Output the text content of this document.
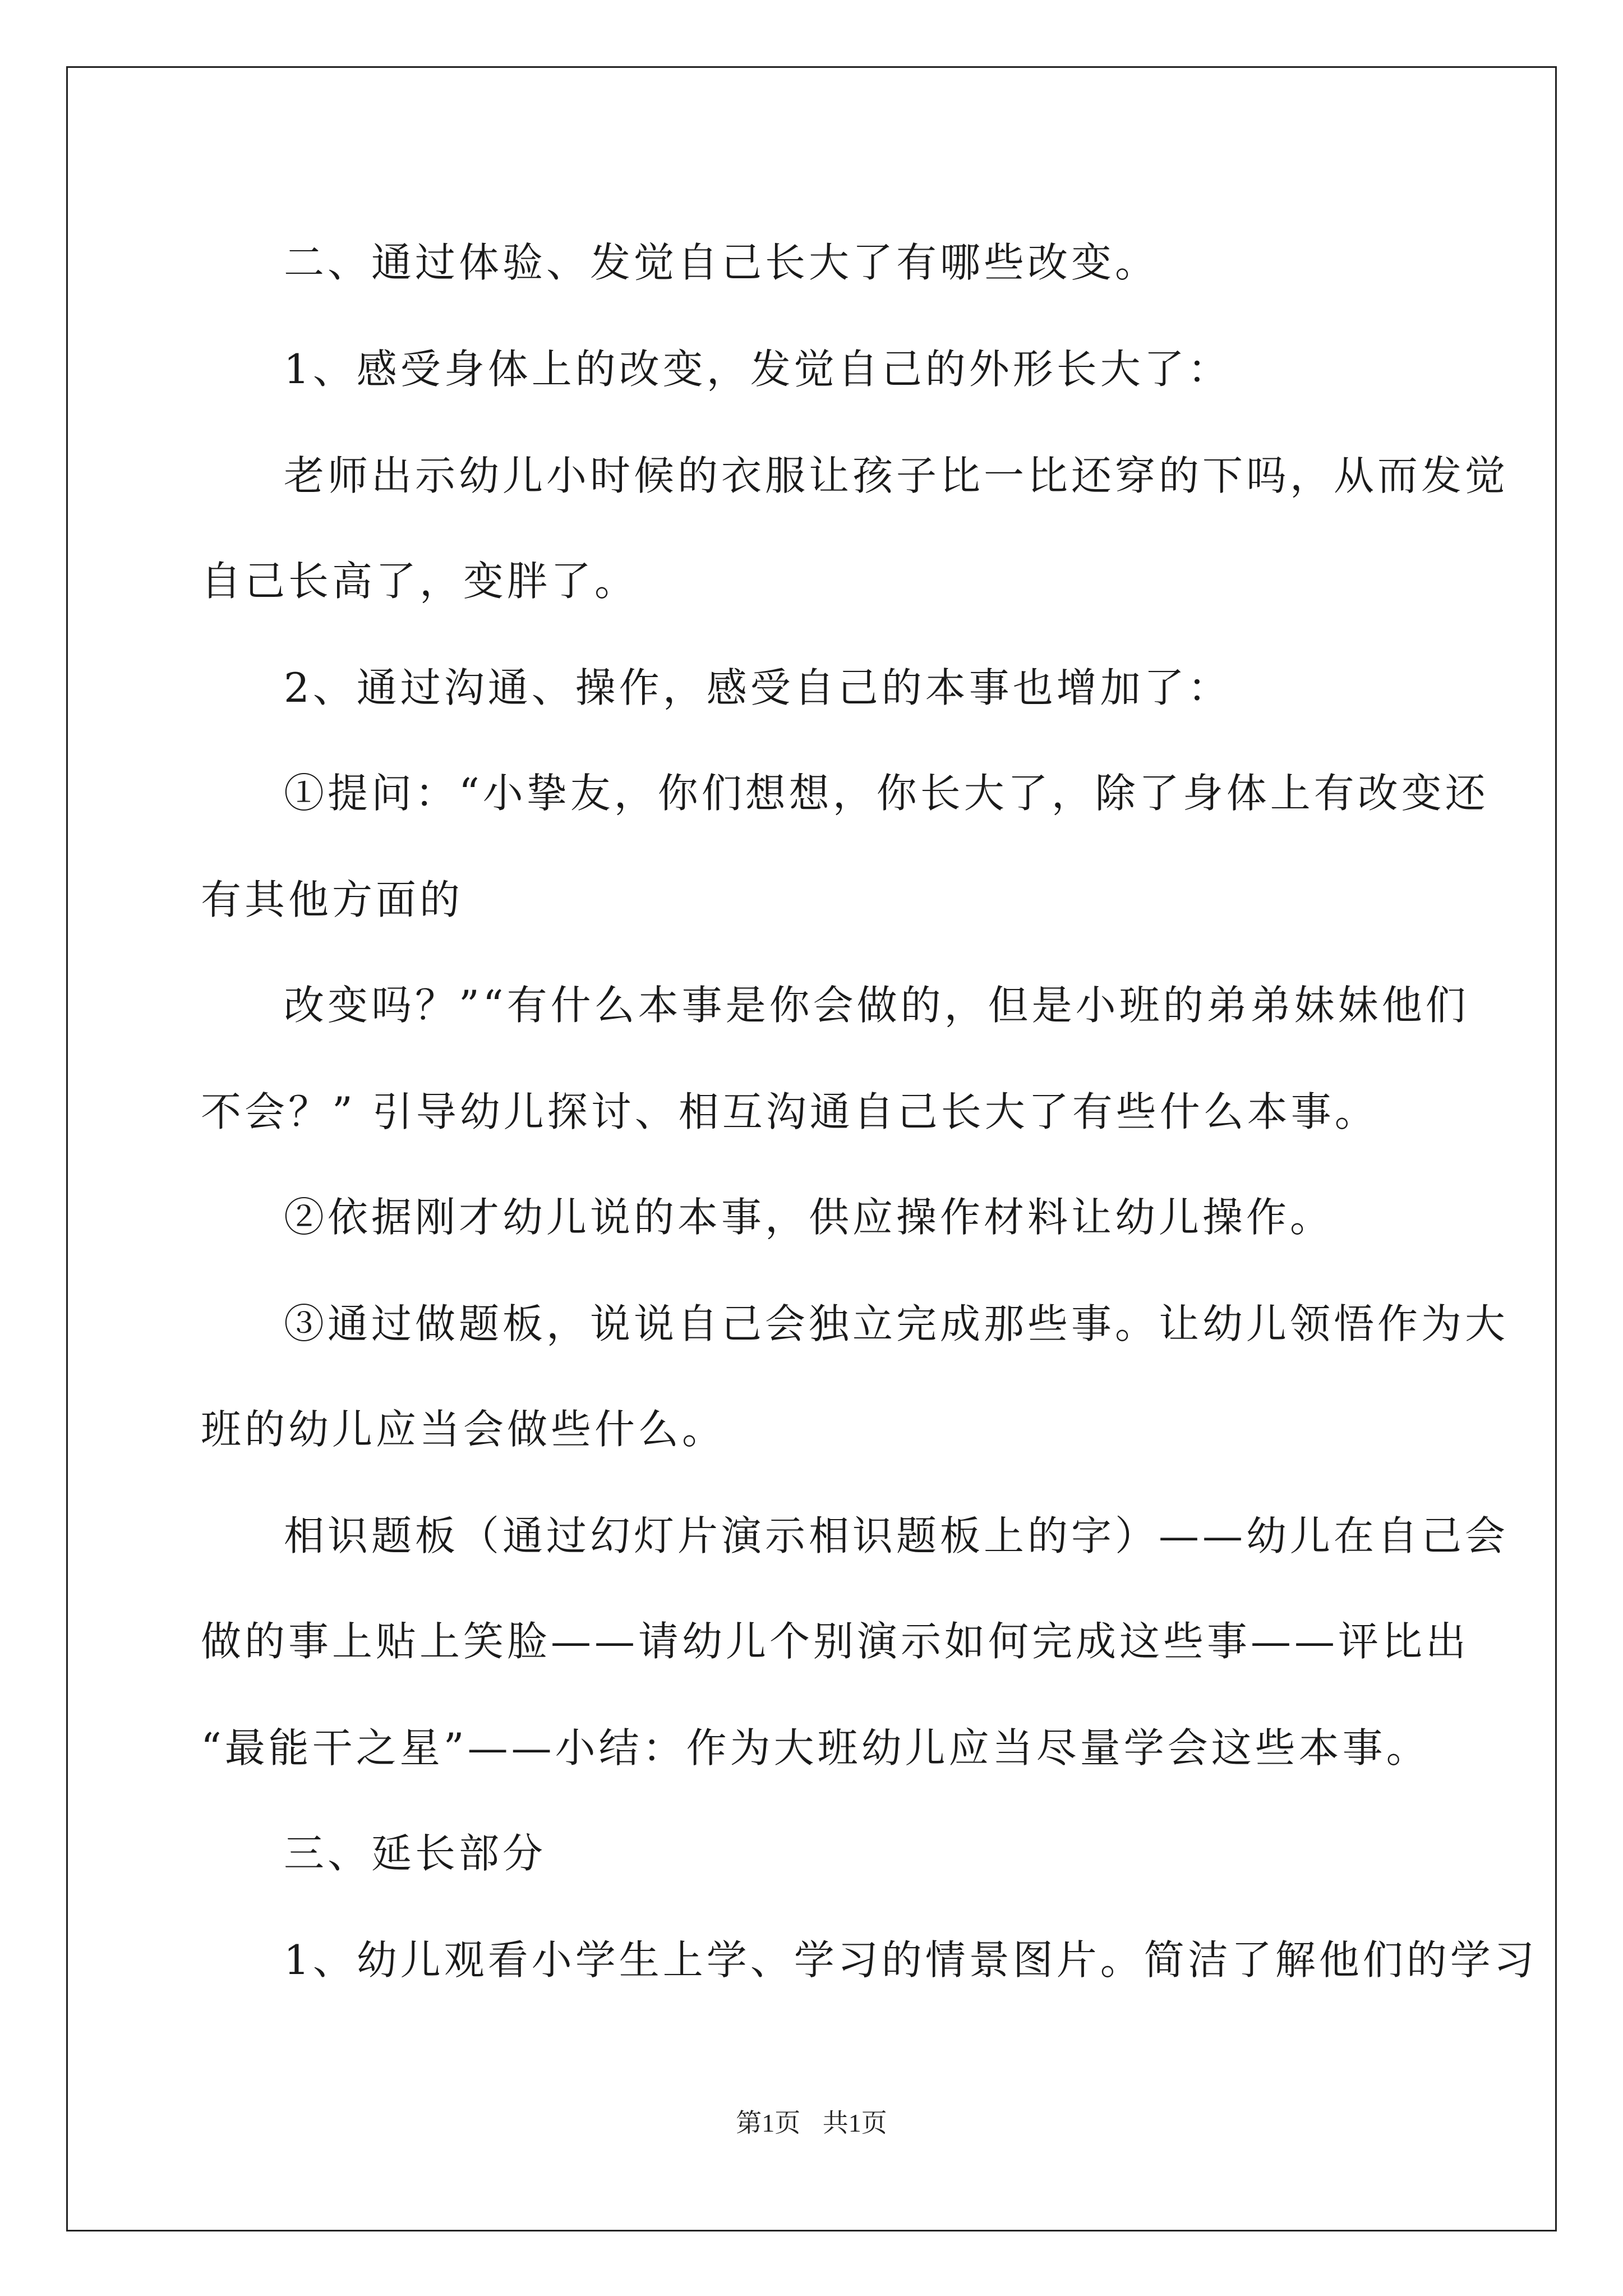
二、通过体验、发觉自己长大了有哪些改变。
1、感受身体上的改变，发觉自己的外形长大了：
老师出示幼儿小时候的衣服让孩子比一比还穿的下吗，从而发觉
自己长高了，变胖了。
2、通过沟通、操作，感受自己的本事也增加了：
①提问：“小挚友，你们想想，你长大了，除了身体上有改变还
有其他方面的
改变吗？”“有什么本事是你会做的，但是小班的弟弟妹妹他们
不会？” 引导幼儿探讨、相互沟通自己长大了有些什么本事。
②依据刚才幼儿说的本事，供应操作材料让幼儿操作。
③通过做题板，说说自己会独立完成那些事。让幼儿领悟作为大
班的幼儿应当会做些什么。
相识题板（通过幻灯片演示相识题板上的字）——幼儿在自己会
做的事上贴上笑脸——请幼儿个别演示如何完成这些事——评比出
“最能干之星”——小结：作为大班幼儿应当尽量学会这些本事。
三、延长部分
1、幼儿观看小学生上学、学习的情景图片。简洁了解他们的学习
第1页 共1页
